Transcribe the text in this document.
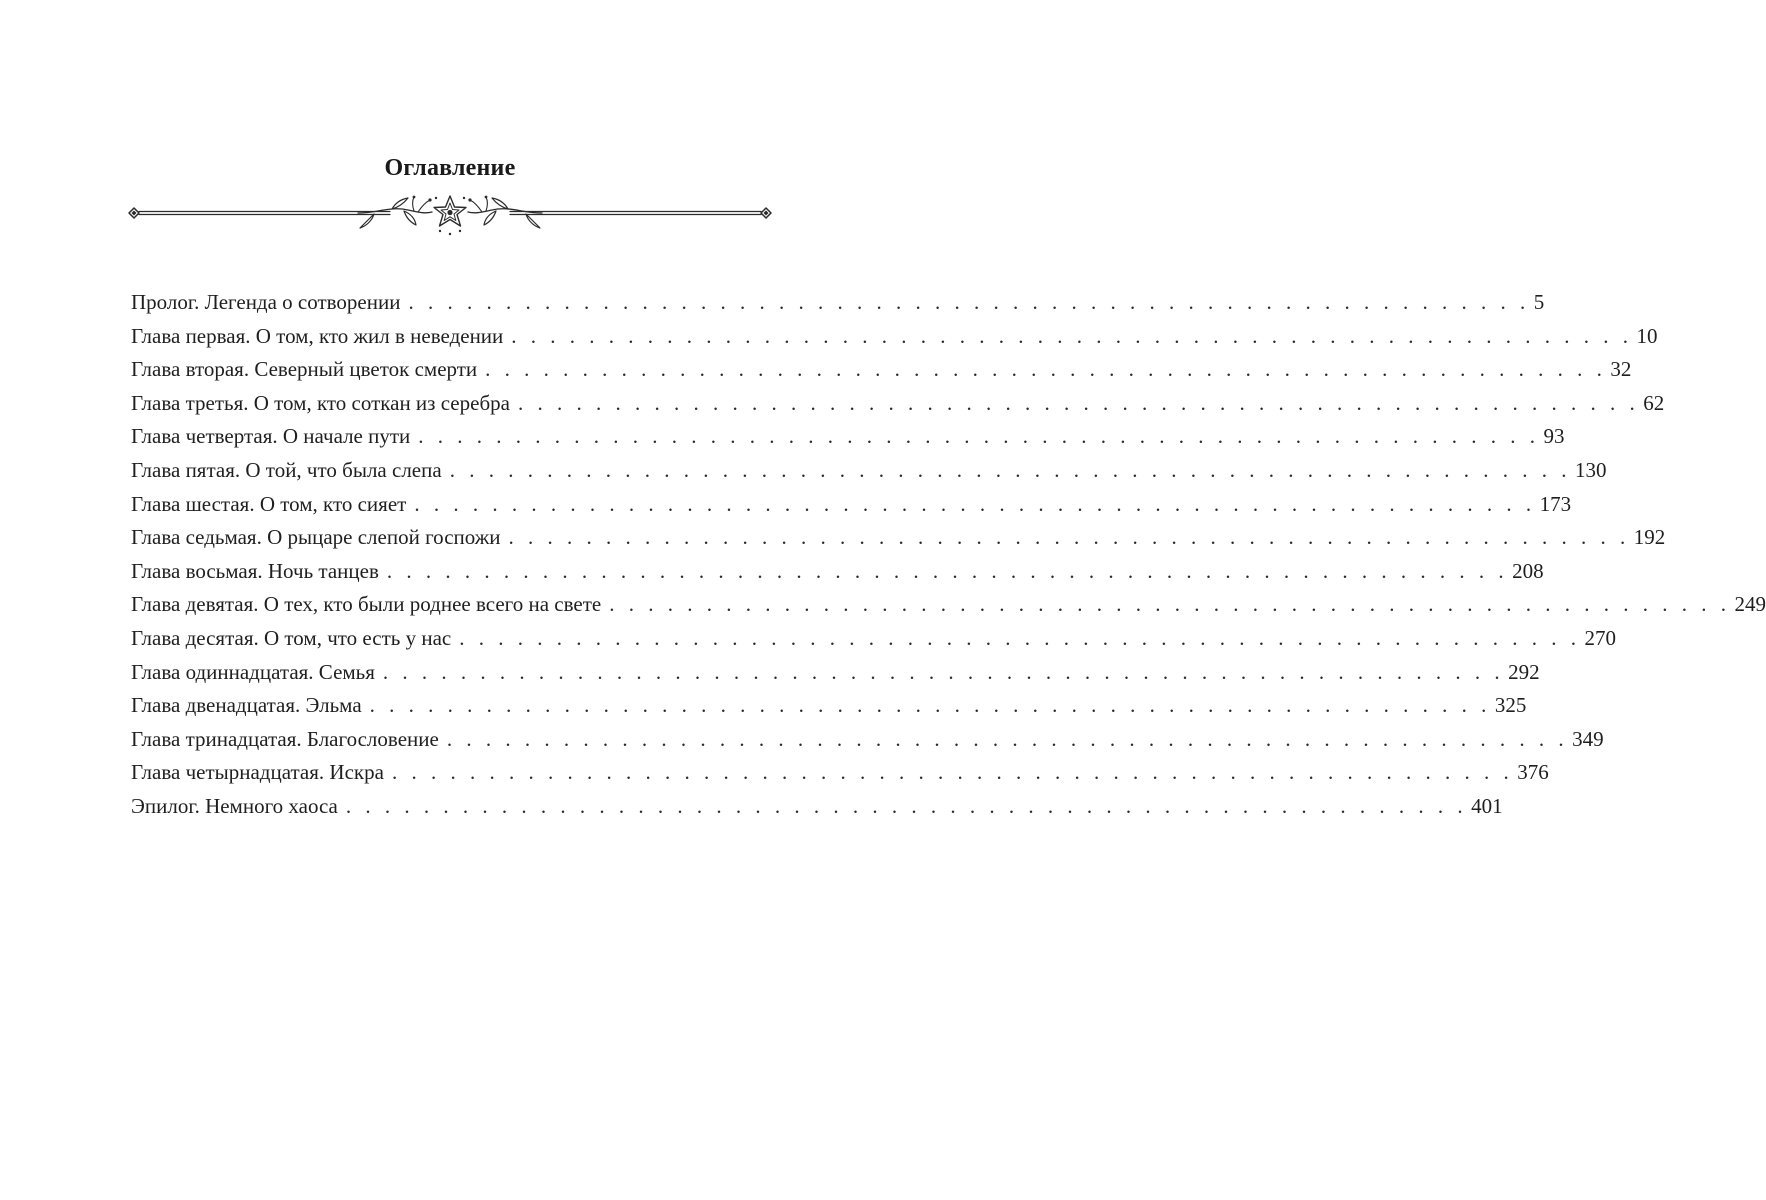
Оглавление
Пролог. Легенда о сотворении . . . . . . . . . . . . . . . . . . . . . . . . . . . . . . . . . . . . . . . . . . . . . . . . . . . . . . . . . . 5
Глава первая. О том, кто жил в неведении . . . . . . . . . . . . . . . . . . . . . . . . . . . . . . . . . . . . . . . . . . . . . . . . . . . . . . . . . . 10
Глава вторая. Северный цветок смерти . . . . . . . . . . . . . . . . . . . . . . . . . . . . . . . . . . . . . . . . . . . . . . . . . . . . . . . . . . 32
Глава третья. О том, кто соткан из серебра . . . . . . . . . . . . . . . . . . . . . . . . . . . . . . . . . . . . . . . . . . . . . . . . . . . . . . . . . . 62
Глава четвертая. О начале пути . . . . . . . . . . . . . . . . . . . . . . . . . . . . . . . . . . . . . . . . . . . . . . . . . . . . . . . . . . 93
Глава пятая. О той, что была слепа . . . . . . . . . . . . . . . . . . . . . . . . . . . . . . . . . . . . . . . . . . . . . . . . . . . . . . . . . . 130
Глава шестая. О том, кто сияет . . . . . . . . . . . . . . . . . . . . . . . . . . . . . . . . . . . . . . . . . . . . . . . . . . . . . . . . . . 173
Глава седьмая. О рыцаре слепой госпожи . . . . . . . . . . . . . . . . . . . . . . . . . . . . . . . . . . . . . . . . . . . . . . . . . . . . . . . . . . 192
Глава восьмая. Ночь танцев . . . . . . . . . . . . . . . . . . . . . . . . . . . . . . . . . . . . . . . . . . . . . . . . . . . . . . . . . . 208
Глава девятая. О тех, кто были роднее всего на свете . . . . . . . . . . . . . . . . . . . . . . . . . . . . . . . . . . . . . . . . . . . . . . . . . . . . . . . . . . 249
Глава десятая. О том, что есть у нас . . . . . . . . . . . . . . . . . . . . . . . . . . . . . . . . . . . . . . . . . . . . . . . . . . . . . . . . . . 270
Глава одиннадцатая. Семья . . . . . . . . . . . . . . . . . . . . . . . . . . . . . . . . . . . . . . . . . . . . . . . . . . . . . . . . . . 292
Глава двенадцатая. Эльма . . . . . . . . . . . . . . . . . . . . . . . . . . . . . . . . . . . . . . . . . . . . . . . . . . . . . . . . . . 325
Глава тринадцатая. Благословение . . . . . . . . . . . . . . . . . . . . . . . . . . . . . . . . . . . . . . . . . . . . . . . . . . . . . . . . . . 349
Глава четырнадцатая. Искра . . . . . . . . . . . . . . . . . . . . . . . . . . . . . . . . . . . . . . . . . . . . . . . . . . . . . . . . . . 376
Эпилог. Немного хаоса . . . . . . . . . . . . . . . . . . . . . . . . . . . . . . . . . . . . . . . . . . . . . . . . . . . . . . . . . . 401
